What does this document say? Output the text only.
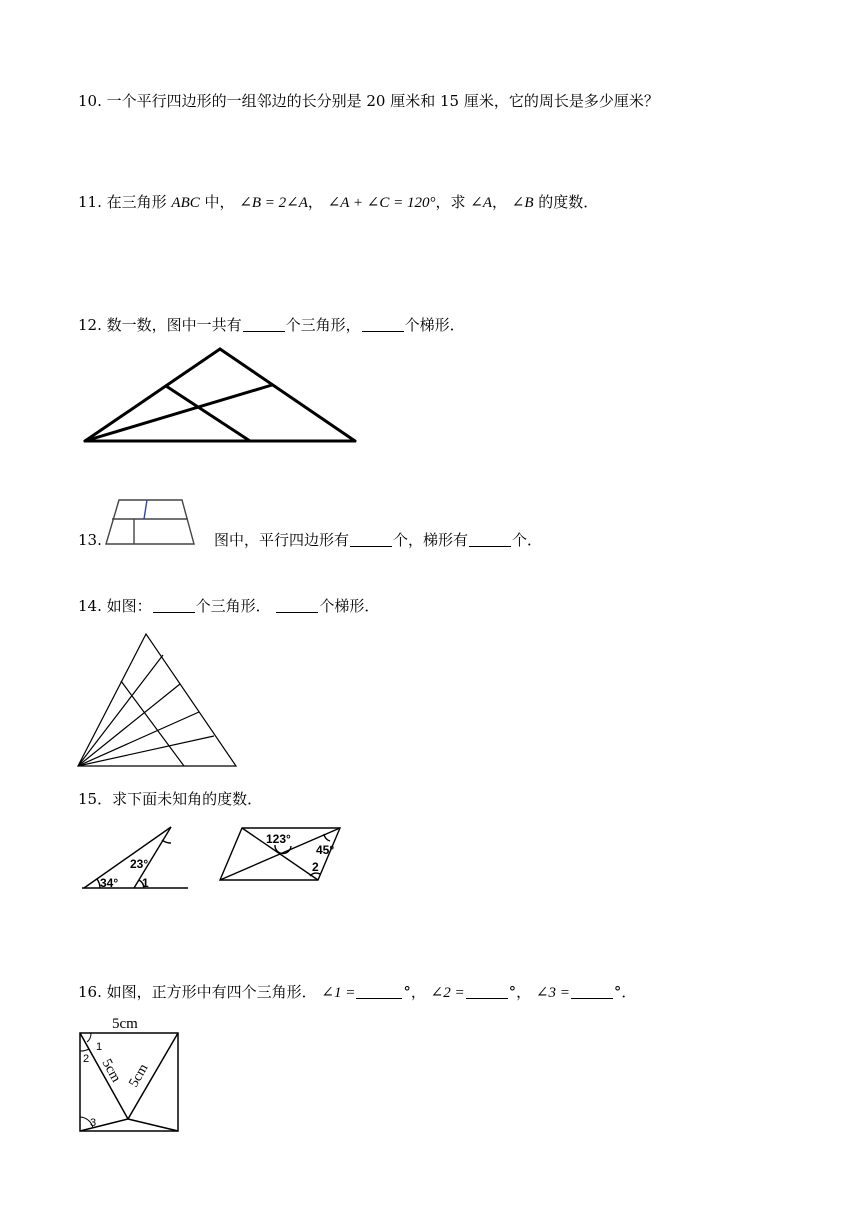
10. 一个平行四边形的一组邻边的长分别是 20 厘米和 15 厘米，它的周长是多少厘米？
11. 在三角形 ABC 中， ∠B = 2∠A， ∠A + ∠C = 120°，求 ∠A， ∠B 的度数．
12. 数一数，图中一共有	个三角形，	个梯形．
13.	图中，平行四边形有	个，梯形有	个．
14. 如图：	个三角形．	个梯形．
15．求下面未知角的度数．
23°
34° 1
123°
45°
2
16. 如图，正方形中有四个三角形． ∠1 =	°， ∠2 =	°， ∠3 =	°．
5cm
1
2
3
5cm 5cm
